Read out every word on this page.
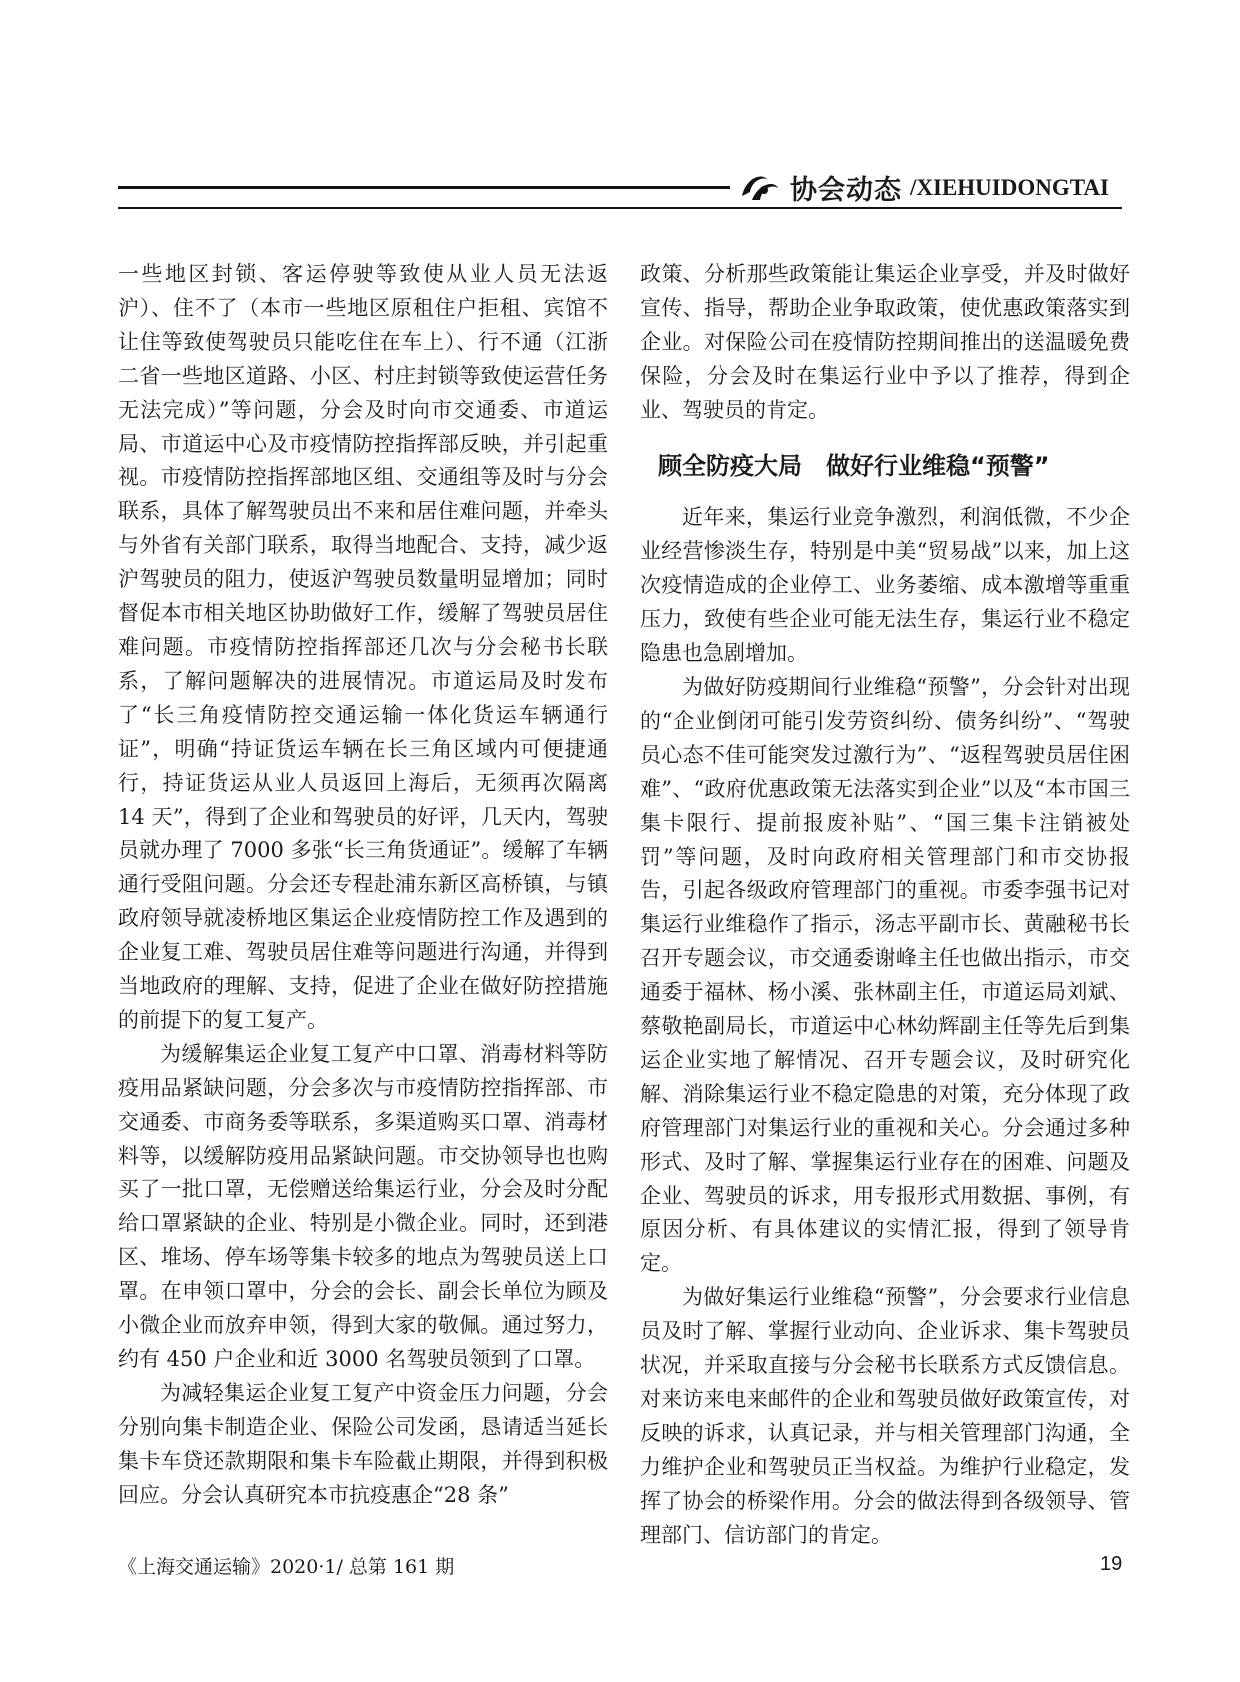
协会动态 /XIEHUIDONGTAI

一些地区封锁、客运停驶等致使从业人员无法返沪）、住不了（本市一些地区原租住户拒租、宾馆不让住等致使驾驶员只能吃住在车上）、行不通（江浙二省一些地区道路、小区、村庄封锁等致使运营任务无法完成）”等问题，分会及时向市交通委、市道运局、市道运中心及市疫情防控指挥部反映，并引起重视。市疫情防控指挥部地区组、交通组等及时与分会联系，具体了解驾驶员出不来和居住难问题，并牵头与外省有关部门联系，取得当地配合、支持，减少返沪驾驶员的阻力，使返沪驾驶员数量明显增加；同时督促本市相关地区协助做好工作，缓解了驾驶员居住难问题。市疫情防控指挥部还几次与分会秘书长联系，了解问题解决的进展情况。市道运局及时发布了“长三角疫情防控交通运输一体化货运车辆通行证”，明确“持证货运车辆在长三角区域内可便捷通行，持证货运从业人员返回上海后，无须再次隔离 14 天”，得到了企业和驾驶员的好评，几天内，驾驶员就办理了 7000 多张“长三角货通证”。缓解了车辆通行受阻问题。分会还专程赴浦东新区高桥镇，与镇政府领导就凌桥地区集运企业疫情防控工作及遇到的企业复工难、驾驶员居住难等问题进行沟通，并得到当地政府的理解、支持，促进了企业在做好防控措施的前提下的复工复产。

为缓解集运企业复工复产中口罩、消毒材料等防疫用品紧缺问题，分会多次与市疫情防控指挥部、市交通委、市商务委等联系，多渠道购买口罩、消毒材料等，以缓解防疫用品紧缺问题。市交协领导也也购买了一批口罩，无偿赠送给集运行业，分会及时分配给口罩紧缺的企业、特别是小微企业。同时，还到港区、堆场、停车场等集卡较多的地点为驾驶员送上口罩。在申领口罩中，分会的会长、副会长单位为顾及小微企业而放弃申领，得到大家的敬佩。通过努力，约有 450 户企业和近 3000 名驾驶员领到了口罩。

为减轻集运企业复工复产中资金压力问题，分会分别向集卡制造企业、保险公司发函，恳请适当延长集卡车贷还款期限和集卡车险截止期限，并得到积极回应。分会认真研究本市抗疫惠企“28 条”

政策、分析那些政策能让集运企业享受，并及时做好宣传、指导，帮助企业争取政策，使优惠政策落实到企业。对保险公司在疫情防控期间推出的送温暖免费保险，分会及时在集运行业中予以了推荐，得到企业、驾驶员的肯定。

顾全防疫大局　做好行业维稳“预警”

近年来，集运行业竞争激烈，利润低微，不少企业经营惨淡生存，特别是中美“贸易战”以来，加上这次疫情造成的企业停工、业务萎缩、成本激增等重重压力，致使有些企业可能无法生存，集运行业不稳定隐患也急剧增加。

为做好防疫期间行业维稳“预警”，分会针对出现的“企业倒闭可能引发劳资纠纷、债务纠纷”、“驾驶员心态不佳可能突发过激行为”、“返程驾驶员居住困难”、“政府优惠政策无法落实到企业”以及“本市国三集卡限行、提前报废补贴”、“国三集卡注销被处罚”等问题，及时向政府相关管理部门和市交协报告，引起各级政府管理部门的重视。市委李强书记对集运行业维稳作了指示，汤志平副市长、黄融秘书长召开专题会议，市交通委谢峰主任也做出指示，市交通委于福林、杨小溪、张林副主任，市道运局刘斌、蔡敬艳副局长，市道运中心林幼辉副主任等先后到集运企业实地了解情况、召开专题会议，及时研究化解、消除集运行业不稳定隐患的对策，充分体现了政府管理部门对集运行业的重视和关心。分会通过多种形式、及时了解、掌握集运行业存在的困难、问题及企业、驾驶员的诉求，用专报形式用数据、事例，有原因分析、有具体建议的实情汇报，得到了领导肯定。

为做好集运行业维稳“预警”，分会要求行业信息员及时了解、掌握行业动向、企业诉求、集卡驾驶员状况，并采取直接与分会秘书长联系方式反馈信息。对来访来电来邮件的企业和驾驶员做好政策宣传，对反映的诉求，认真记录，并与相关管理部门沟通，全力维护企业和驾驶员正当权益。为维护行业稳定，发挥了协会的桥梁作用。分会的做法得到各级领导、管理部门、信访部门的肯定。

《上海交通运输》2020·1/ 总第 161 期	19
